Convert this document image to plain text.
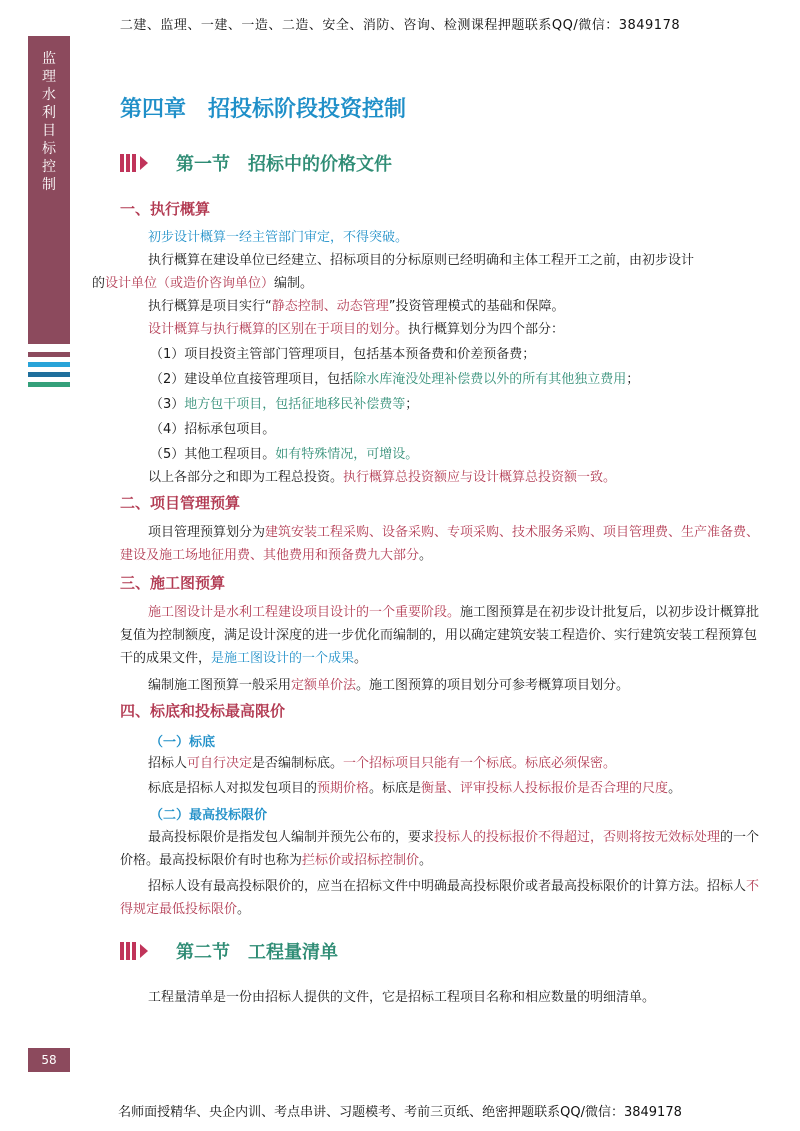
二建、监理、一建、一造、二造、安全、消防、咨询、检测课程押题联系QQ/微信：3849178
监
理
水
利
目
标
控
制
第四章　招投标阶段投资控制
第一节　招标中的价格文件
一、执行概算

初步设计概算一经主管部门审定，不得突破。

执行概算在建设单位已经建立、招标项目的分标原则已经明确和主体工程开工之前，由初步设计
的设计单位（或造价咨询单位）编制。

执行概算是项目实行“静态控制、动态管理”投资管理模式的基础和保障。

设计概算与执行概算的区别在于项目的划分。执行概算划分为四个部分：

（1）项目投资主管部门管理项目，包括基本预备费和价差预备费；
（2）建设单位直接管理项目，包括除水库淹没处理补偿费以外的所有其他独立费用；
（3）地方包干项目，包括征地移民补偿费等；
（4）招标承包项目。
（5）其他工程项目。如有特殊情况，可增设。

以上各部分之和即为工程总投资。执行概算总投资额应与设计概算总投资额一致。

二、项目管理预算

项目管理预算划分为建筑安装工程采购、设备采购、专项采购、技术服务采购、项目管理费、生产准备费、建设及施工场地征用费、其他费用和预备费九大部分。

三、施工图预算

施工图设计是水利工程建设项目设计的一个重要阶段。施工图预算是在初步设计批复后，以初步设计概算批复值为控制额度，满足设计深度的进一步优化而编制的，用以确定建筑安装工程造价、实行建筑安装工程预算包干的成果文件，是施工图设计的一个成果。

编制施工图预算一般采用定额单价法。施工图预算的项目划分可参考概算项目划分。

四、标底和投标最高限价
（一）标底

招标人可自行决定是否编制标底。一个招标项目只能有一个标底。标底必须保密。

标底是招标人对拟发包项目的预期价格。标底是衡量、评审投标人投标报价是否合理的尺度。

（二）最高投标限价

最高投标限价是指发包人编制并预先公布的，要求投标人的投标报价不得超过，否则将按无效标处理的一个价格。最高投标限价有时也称为拦标价或招标控制价。

招标人设有最高投标限价的，应当在招标文件中明确最高投标限价或者最高投标限价的计算方法。招标人不得规定最低投标限价。

第二节　工程量清单

工程量清单是一份由招标人提供的文件，它是招标工程项目名称和相应数量的明细清单。

58
名师面授精华、央企内训、考点串讲、习题模考、考前三页纸、绝密押题联系QQ/微信：3849178
